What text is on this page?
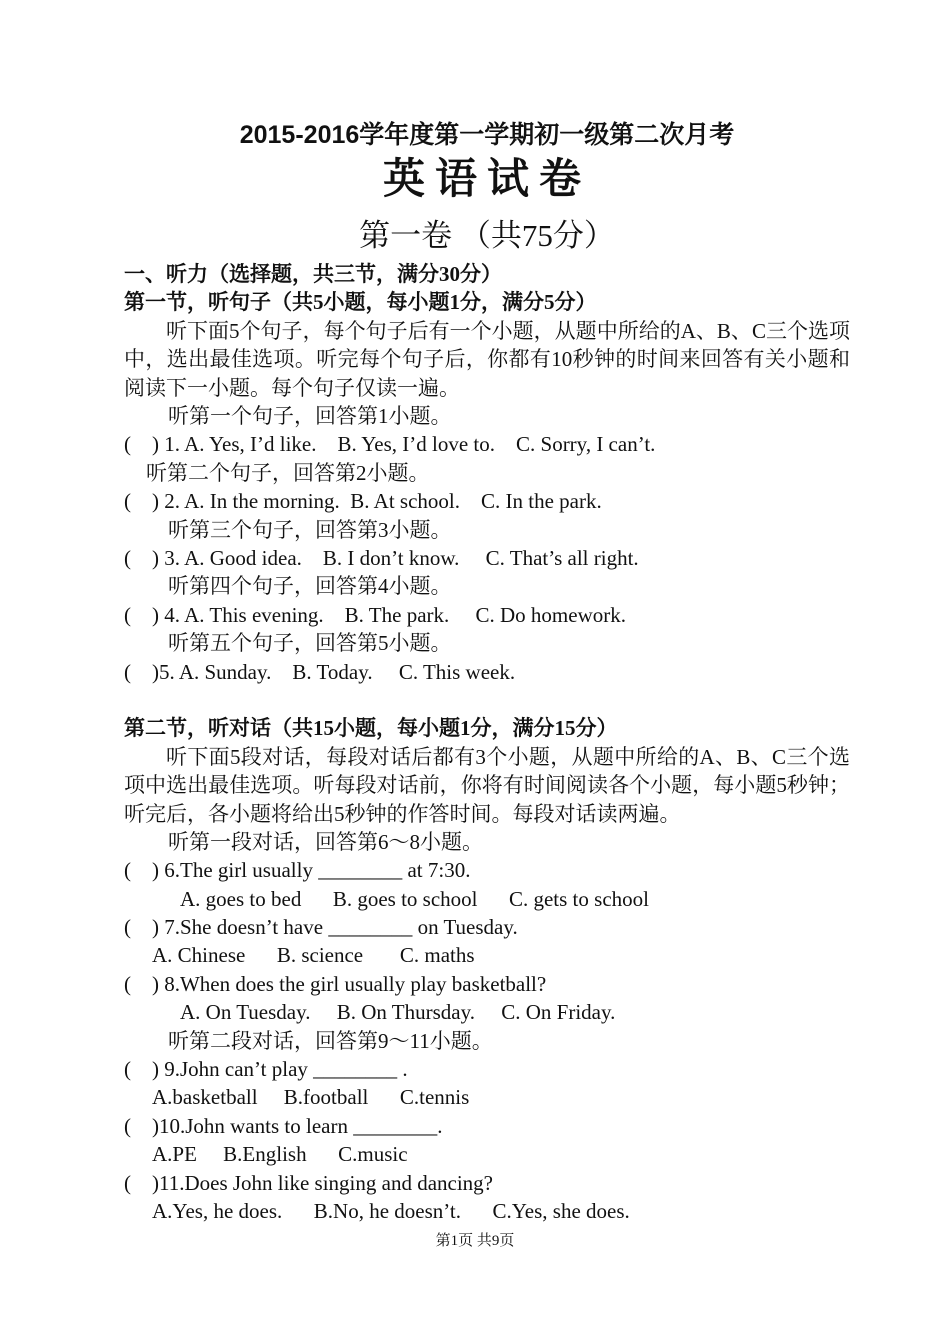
2015-2016学年度第一学期初一级第二次月考
英语试卷
第一卷 （共75分）
一、听力（选择题，共三节，满分30分）
第一节，听句子（共5小题，每小题1分，满分5分）
听下面5个句子，每个句子后有一个小题，从题中所给的A、B、C三个选项中，选出最佳选项。听完每个句子后，你都有10秒钟的时间来回答有关小题和阅读下一小题。每个句子仅读一遍。
听第一个句子，回答第1小题。
(    ) 1. A. Yes, I’d like.    B. Yes, I’d love to.    C. Sorry, I can’t.
听第二个句子，回答第2小题。
(    ) 2. A. In the morning.  B. At school.    C. In the park.
听第三个句子，回答第3小题。
(    ) 3. A. Good idea.    B. I don’t know.     C. That’s all right.
听第四个句子，回答第4小题。
(    ) 4. A. This evening.    B. The park.     C. Do homework.
听第五个句子，回答第5小题。
(    )5. A. Sunday.    B. Today.     C. This week.
第二节，听对话（共15小题，每小题1分，满分15分）
听下面5段对话，每段对话后都有3个小题，从题中所给的A、B、C三个选项中选出最佳选项。听每段对话前，你将有时间阅读各个小题，每小题5秒钟；听完后，各小题将给出5秒钟的作答时间。每段对话读两遍。
听第一段对话，回答第6～8小题。
(    ) 6.The girl usually ________ at 7:30.
A. goes to bed      B. goes to school      C. gets to school
(    ) 7.She doesn’t have ________ on Tuesday.
A. Chinese      B. science       C. maths
(    ) 8.When does the girl usually play basketball?
A. On Tuesday.     B. On Thursday.     C. On Friday.
听第二段对话，回答第9～11小题。
(    ) 9.John can’t play ________ .
A.basketball     B.football      C.tennis
(    )10.John wants to learn ________.
A.PE     B.English      C.music
(    )11.Does John like singing and dancing?
A.Yes, he does.      B.No, he doesn’t.      C.Yes, she does.
第1页 共9页
